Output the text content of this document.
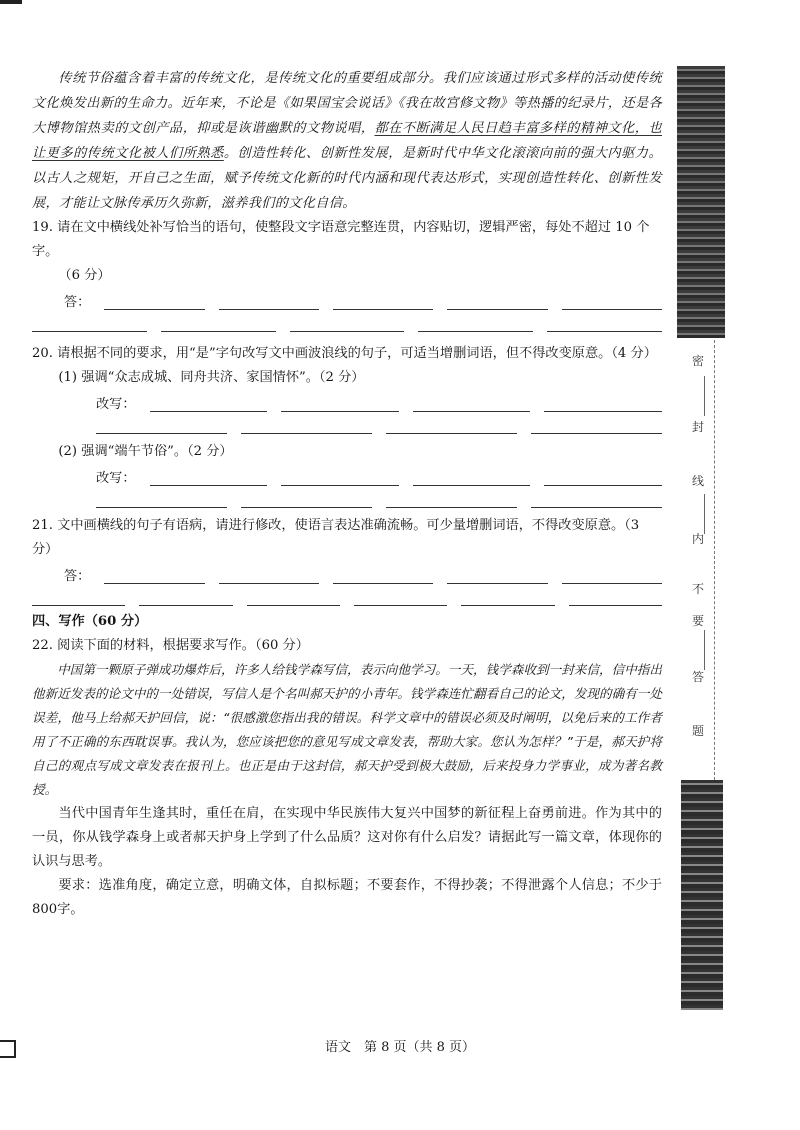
密
封
线
内
不
要
答
题

传统节俗蕴含着丰富的传统文化，是传统文化的重要组成部分。我们应该通过形式多样的活动使传统文化焕发出新的生命力。近年来，不论是《如果国宝会说话》《我在故宫修文物》等热播的纪录片，还是各大博物馆热卖的文创产品，抑或是诙谐幽默的文物说唱，都在不断满足人民日趋丰富多样的精神文化，也让更多的传统文化被人们所熟悉。创造性转化、创新性发展，是新时代中华文化滚滚向前的强大内驱力。以古人之规矩，开自己之生面，赋予传统文化新的时代内涵和现代表达形式，实现创造性转化、创新性发展，才能让文脉传承历久弥新，滋养我们的文化自信。

19. 请在文中横线处补写恰当的语句，使整段文字语意完整连贯，内容贴切，逻辑严密，每处不超过 10 个字。

（6 分）

答：

20. 请根据不同的要求，用“是”字句改写文中画波浪线的句子，可适当增删词语，但不得改变原意。（4 分）

(1) 强调“众志成城、同舟共济、家国情怀”。（2 分）

改写：

(2) 强调“端午节俗”。（2 分）

改写：

21. 文中画横线的句子有语病，请进行修改，使语言表达准确流畅。可少量增删词语，不得改变原意。（3 分）

答：

四、写作（60 分）

22. 阅读下面的材料，根据要求写作。（60 分）

中国第一颗原子弹成功爆炸后，许多人给钱学森写信，表示向他学习。一天，钱学森收到一封来信，信中指出他新近发表的论文中的一处错误，写信人是个名叫郝天护的小青年。钱学森连忙翻看自己的论文，发现的确有一处误差，他马上给郝天护回信，说：“很感激您指出我的错误。科学文章中的错误必须及时阐明，以免后来的工作者用了不正确的东西耽误事。我认为，您应该把您的意见写成文章发表，帮助大家。您认为怎样？”于是，郝天护将自己的观点写成文章发表在报刊上。也正是由于这封信，郝天护受到极大鼓励，后来投身力学事业，成为著名教授。

当代中国青年生逢其时，重任在肩，在实现中华民族伟大复兴中国梦的新征程上奋勇前进。作为其中的一员，你从钱学森身上或者郝天护身上学到了什么品质？这对你有什么启发？请据此写一篇文章，体现你的认识与思考。

要求：选准角度，确定立意，明确文体，自拟标题；不要套作，不得抄袭；不得泄露个人信息；不少于800字。

语文　第 8 页（共 8 页）
